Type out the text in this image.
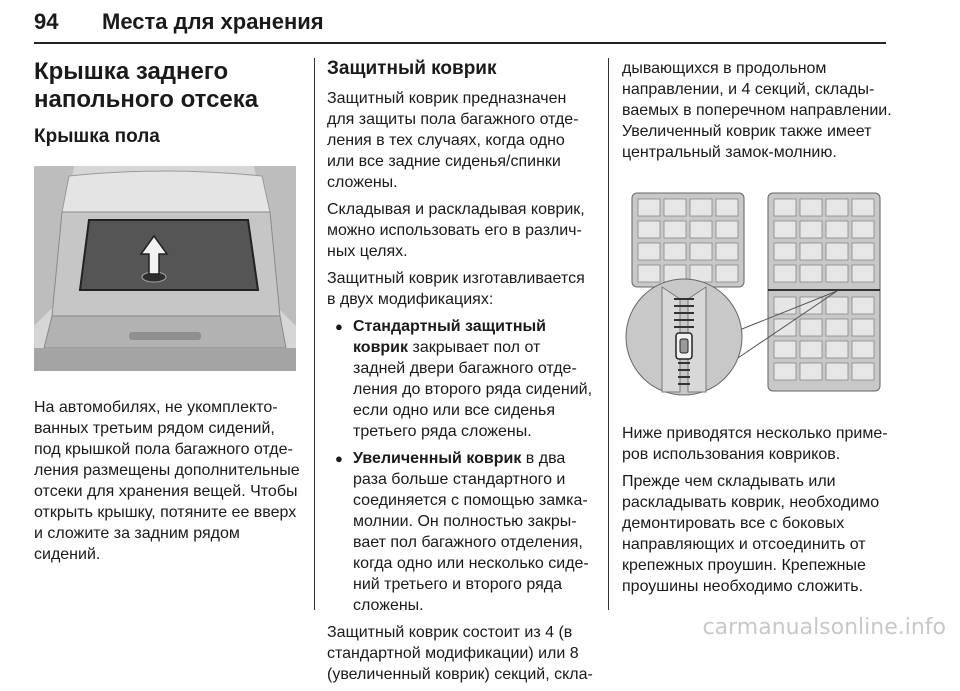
94 Места для хранения
Крышка заднего напольного отсека
Крышка пола

На автомобилях, не укомплектованных третьим рядом сидений, под крышкой пола багажного отделения размещены дополнительные отсеки для хранения вещей. Чтобы открыть крышку, потяните ее вверх и сложите за задним рядом сидений.

Защитный коврик

Защитный коврик предназначен для защиты пола багажного отделения в тех случаях, когда одно или все задние сиденья/спинки сложены.

Складывая и раскладывая коврик, можно использовать его в различных целях.

Защитный коврик изготавливается в двух модификациях:

● Стандартный защитный коврик закрывает пол от задней двери багажного отделения до второго ряда сидений, если одно или все сиденья третьего ряда сложены.
● Увеличенный коврик в два раза больше стандартного и соединяется с помощью замка-молнии. Он полностью закрывает пол багажного отделения, когда одно или несколько сидений третьего и второго ряда сложены.

Защитный коврик состоит из 4 (в стандартной модификации) или 8 (увеличенный коврик) секций, скла-

дывающихся в продольном направлении, и 4 секций, складываемых в поперечном направлении. Увеличенный коврик также имеет центральный замок-молнию.

Ниже приводятся несколько примеров использования ковриков.

Прежде чем складывать или раскладывать коврик, необходимо демонтировать все с боковых направляющих и отсоединить от крепежных проушин. Крепежные проушины необходимо сложить.

carmanualsonline.info
